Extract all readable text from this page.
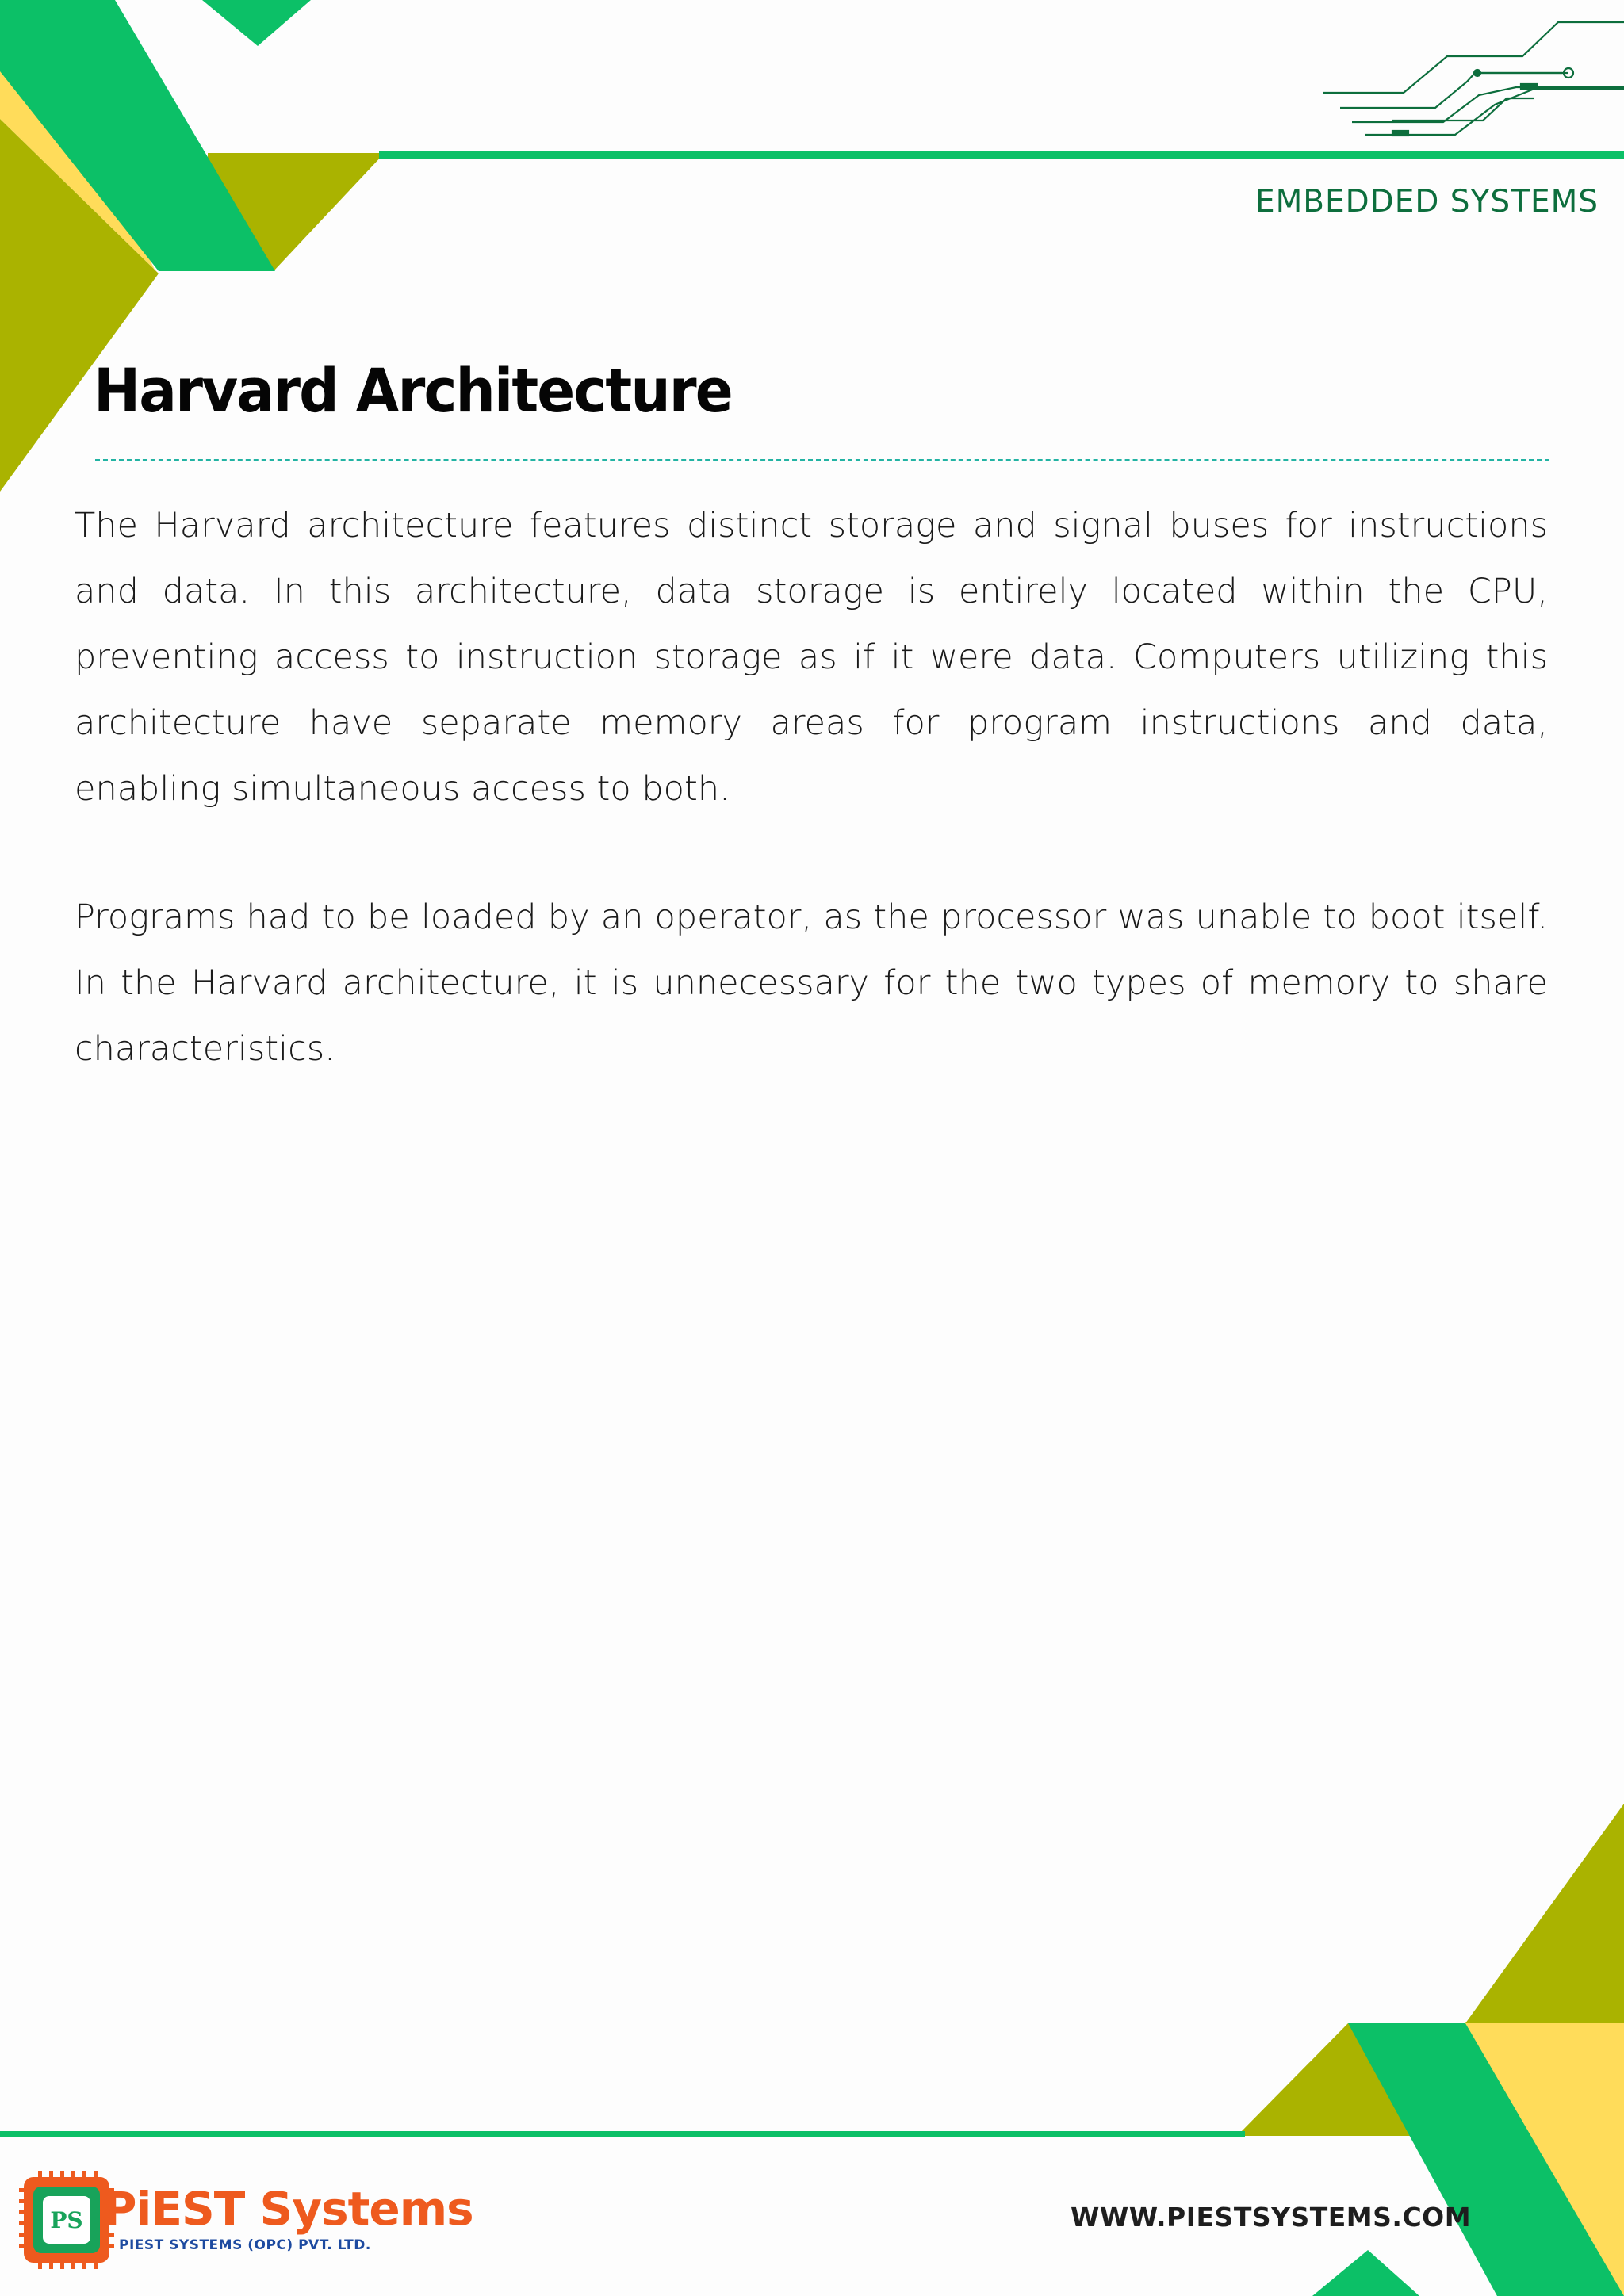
EMBEDDED SYSTEMS

Harvard Architecture

The Harvard architecture features distinct storage and signal buses for instructions and data. In this architecture, data storage is entirely located within the CPU, preventing access to instruction storage as if it were data. Computers utilizing this architecture have separate memory areas for program instructions and data, enabling simultaneous access to both.

Programs had to be loaded by an operator, as the processor was unable to boot itself. In the Harvard architecture, it is unnecessary for the two types of memory to share characteristics.

PS PiEST Systems

PIEST SYSTEMS (OPC) PVT. LTD.

WWW.PIESTSYSTEMS.COM
